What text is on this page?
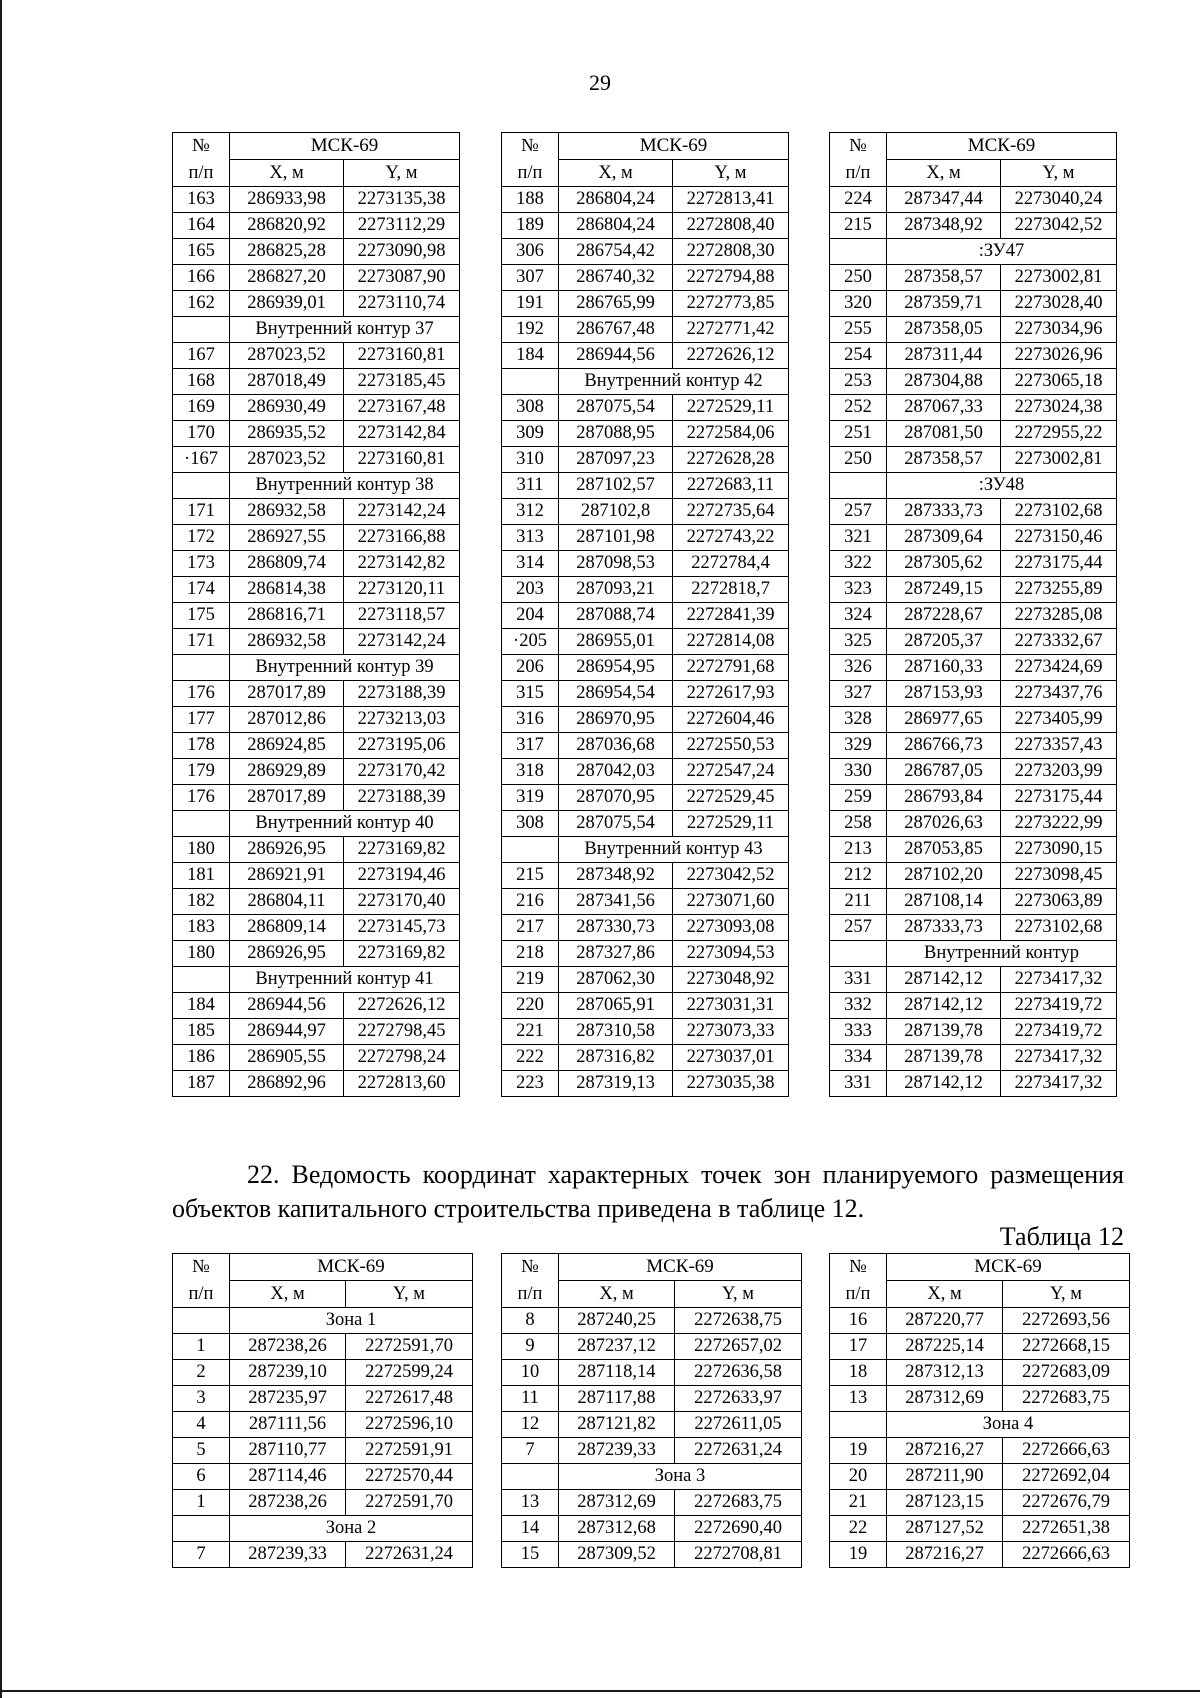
29
№	МСК-69	
п/п	X, м	Y, м
163	286933,98	2273135,38
164	286820,92	2273112,29
165	286825,28	2273090,98
166	286827,20	2273087,90
162	286939,01	2273110,74
	Внутренний контур 37	
167	287023,52	2273160,81
168	287018,49	2273185,45
169	286930,49	2273167,48
170	286935,52	2273142,84
·167	287023,52	2273160,81
	Внутренний контур 38	
171	286932,58	2273142,24
172	286927,55	2273166,88
173	286809,74	2273142,82
174	286814,38	2273120,11
175	286816,71	2273118,57
171	286932,58	2273142,24
	Внутренний контур 39	
176	287017,89	2273188,39
177	287012,86	2273213,03
178	286924,85	2273195,06
179	286929,89	2273170,42
176	287017,89	2273188,39
	Внутренний контур 40	
180	286926,95	2273169,82
181	286921,91	2273194,46
182	286804,11	2273170,40
183	286809,14	2273145,73
180	286926,95	2273169,82
	Внутренний контур 41	
184	286944,56	2272626,12
185	286944,97	2272798,45
186	286905,55	2272798,24
187	286892,96	2272813,60
№	МСК-69	
п/п	X, м	Y, м
188	286804,24	2272813,41
189	286804,24	2272808,40
306	286754,42	2272808,30
307	286740,32	2272794,88
191	286765,99	2272773,85
192	286767,48	2272771,42
184	286944,56	2272626,12
	Внутренний контур 42	
308	287075,54	2272529,11
309	287088,95	2272584,06
310	287097,23	2272628,28
311	287102,57	2272683,11
312	287102,8	2272735,64
313	287101,98	2272743,22
314	287098,53	2272784,4
203	287093,21	2272818,7
204	287088,74	2272841,39
·205	286955,01	2272814,08
206	286954,95	2272791,68
315	286954,54	2272617,93
316	286970,95	2272604,46
317	287036,68	2272550,53
318	287042,03	2272547,24
319	287070,95	2272529,45
308	287075,54	2272529,11
	Внутренний контур 43	
215	287348,92	2273042,52
216	287341,56	2273071,60
217	287330,73	2273093,08
218	287327,86	2273094,53
219	287062,30	2273048,92
220	287065,91	2273031,31
221	287310,58	2273073,33
222	287316,82	2273037,01
223	287319,13	2273035,38
№	МСК-69	
п/п	X, м	Y, м
224	287347,44	2273040,24
215	287348,92	2273042,52
	:ЗУ47	
250	287358,57	2273002,81
320	287359,71	2273028,40
255	287358,05	2273034,96
254	287311,44	2273026,96
253	287304,88	2273065,18
252	287067,33	2273024,38
251	287081,50	2272955,22
250	287358,57	2273002,81
	:ЗУ48	
257	287333,73	2273102,68
321	287309,64	2273150,46
322	287305,62	2273175,44
323	287249,15	2273255,89
324	287228,67	2273285,08
325	287205,37	2273332,67
326	287160,33	2273424,69
327	287153,93	2273437,76
328	286977,65	2273405,99
329	286766,73	2273357,43
330	286787,05	2273203,99
259	286793,84	2273175,44
258	287026,63	2273222,99
213	287053,85	2273090,15
212	287102,20	2273098,45
211	287108,14	2273063,89
257	287333,73	2273102,68
	Внутренний контур	
331	287142,12	2273417,32
332	287142,12	2273419,72
333	287139,78	2273419,72
334	287139,78	2273417,32
331	287142,12	2273417,32
22. Ведомость координат характерных точек зон планируемого размещения объектов капитального строительства приведена в таблице 12.
Таблица 12
№	МСК-69	
п/п	X, м	Y, м
	Зона 1	
1	287238,26	2272591,70
2	287239,10	2272599,24
3	287235,97	2272617,48
4	287111,56	2272596,10
5	287110,77	2272591,91
6	287114,46	2272570,44
1	287238,26	2272591,70
	Зона 2	
7	287239,33	2272631,24
№	МСК-69	
п/п	X, м	Y, м
8	287240,25	2272638,75
9	287237,12	2272657,02
10	287118,14	2272636,58
11	287117,88	2272633,97
12	287121,82	2272611,05
7	287239,33	2272631,24
	Зона 3	
13	287312,69	2272683,75
14	287312,68	2272690,40
15	287309,52	2272708,81
№	МСК-69	
п/п	X, м	Y, м
16	287220,77	2272693,56
17	287225,14	2272668,15
18	287312,13	2272683,09
13	287312,69	2272683,75
	Зона 4	
19	287216,27	2272666,63
20	287211,90	2272692,04
21	287123,15	2272676,79
22	287127,52	2272651,38
19	287216,27	2272666,63
